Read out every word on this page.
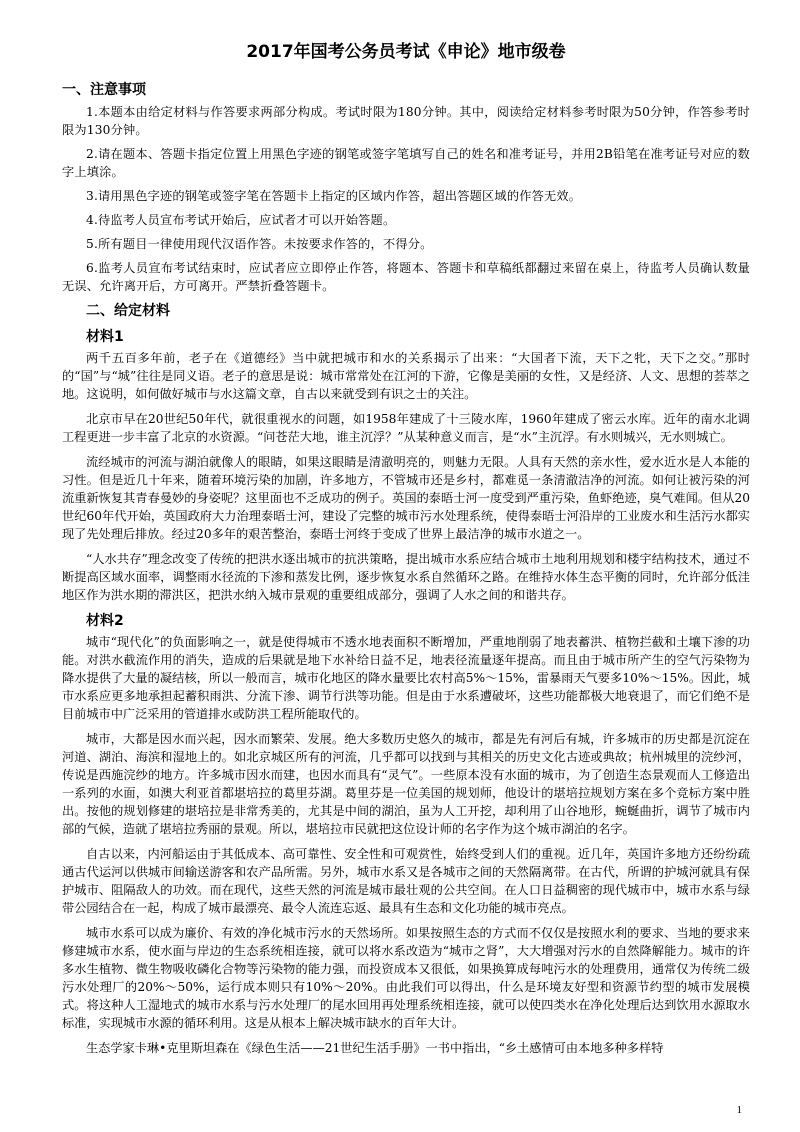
2017年国考公务员考试《申论》地市级卷
一、注意事项

1.本题本由给定材料与作答要求两部分构成。考试时限为180分钟。其中，阅读给定材料参考时限为50分钟，作答参考时限为130分钟。

2.请在题本、答题卡指定位置上用黑色字迹的钢笔或签字笔填写自己的姓名和准考证号，并用2B铅笔在准考证号对应的数字上填涂。

3.请用黑色字迹的钢笔或签字笔在答题卡上指定的区域内作答，超出答题区域的作答无效。

4.待监考人员宣布考试开始后，应试者才可以开始答题。

5.所有题目一律使用现代汉语作答。未按要求作答的，不得分。

6.监考人员宣布考试结束时，应试者应立即停止作答，将题本、答题卡和草稿纸都翻过来留在桌上，待监考人员确认数量无误、允许离开后，方可离开。严禁折叠答题卡。

二、给定材料
材料1

两千五百多年前，老子在《道德经》当中就把城市和水的关系揭示了出来：“大国者下流，天下之牝，天下之交。”那时的“国”与“城”往往是同义语。老子的意思是说：城市常常处在江河的下游，它像是美丽的女性，又是经济、人文、思想的荟萃之地。这说明，如何做好城市与水这篇文章，自古以来就受到有识之士的关注。

北京市早在20世纪50年代，就很重视水的问题，如1958年建成了十三陵水库，1960年建成了密云水库。近年的南水北调工程更进一步丰富了北京的水资源。“问苍茫大地，谁主沉浮？”从某种意义而言，是“水”主沉浮。有水则城兴，无水则城亡。

流经城市的河流与湖泊就像人的眼睛，如果这眼睛是清澈明亮的，则魅力无限。人具有天然的亲水性，爱水近水是人本能的习性。但是近几十年来，随着环境污染的加剧，许多地方，不管城市还是乡村，都难觅一条清澈洁净的河流。如何让被污染的河流重新恢复其青春曼妙的身姿呢？这里面也不乏成功的例子。英国的泰晤士河一度受到严重污染，鱼虾绝迹，臭气难闻。但从20世纪60年代开始，英国政府大力治理泰晤士河，建设了完整的城市污水处理系统，使得泰晤士河沿岸的工业废水和生活污水都实现了先处理后排放。经过20多年的艰苦整治，泰晤士河终于变成了世界上最洁净的城市水道之一。

“人水共存”理念改变了传统的把洪水逐出城市的抗洪策略，提出城市水系应结合城市土地利用规划和楼宇结构技术，通过不断提高区域水面率，调整雨水径流的下渗和蒸发比例，逐步恢复水系自然循环之路。在维持水体生态平衡的同时，允许部分低洼地区作为洪水期的滞洪区，把洪水纳入城市景观的重要组成部分，强调了人水之间的和谐共存。

材料2

城市“现代化”的负面影响之一，就是使得城市不透水地表面积不断增加，严重地削弱了地表蓄洪、植物拦截和土壤下渗的功能。对洪水截流作用的消失，造成的后果就是地下水补给日益不足，地表径流量逐年提高。而且由于城市所产生的空气污染物为降水提供了大量的凝结核，所以一般而言，城市化地区的降水量要比农村高5%～15%，雷暴雨天气要多10%～15%。因此，城市水系应更多地承担起蓄积雨洪、分流下渗、调节行洪等功能。但是由于水系遭破坏，这些功能都极大地衰退了，而它们绝不是目前城市中广泛采用的管道排水或防洪工程所能取代的。

城市，大都是因水而兴起，因水而繁荣、发展。绝大多数历史悠久的城市，都是先有河后有城，许多城市的历史都是沉淀在河道、湖泊、海滨和湿地上的。如北京城区所有的河流，几乎都可以找到与其相关的历史文化古迹或典故；杭州城里的浣纱河，传说是西施浣纱的地方。许多城市因水而建，也因水而具有“灵气”。一些原本没有水面的城市，为了创造生态景观而人工修造出一系列的水面，如澳大利亚首都堪培拉的葛里芬湖。葛里芬是一位美国的规划师，他设计的堪培拉规划方案在多个竞标方案中胜出。按他的规划修建的堪培拉是非常秀美的，尤其是中间的湖泊，虽为人工开挖，却利用了山谷地形，蜿蜒曲折，调节了城市内部的气候，造就了堪培拉秀丽的景观。所以，堪培拉市民就把这位设计师的名字作为这个城市湖泊的名字。

自古以来，内河船运由于其低成本、高可靠性、安全性和可观赏性，始终受到人们的重视。近几年，英国许多地方还纷纷疏通古代运河以供城市间输送游客和农产品所需。另外，城市水系又是各城市之间的天然隔离带。在古代，所谓的护城河就具有保护城市、阻隔敌人的功效。而在现代，这些天然的河流是城市最壮观的公共空间。在人口日益稠密的现代城市中，城市水系与绿带公园结合在一起，构成了城市最漂亮、最令人流连忘返、最具有生态和文化功能的城市亮点。

城市水系可以成为廉价、有效的净化城市污水的天然场所。如果按照生态的方式而不仅仅是按照水利的要求、当地的要求来修建城市水系，使水面与岸边的生态系统相连接，就可以将水系改造为“城市之肾”，大大增强对污水的自然降解能力。城市的许多水生植物、微生物吸收磷化合物等污染物的能力强，而投资成本又很低，如果换算成每吨污水的处理费用，通常仅为传统二级污水处理厂的20%～50%，运行成本则只有10%～20%。由此我们可以得出，什么是环境友好型和资源节约型的城市发展模式。将这种人工湿地式的城市水系与污水处理厂的尾水回用再处理系统相连接，就可以使四类水在净化处理后达到饮用水源取水标准，实现城市水源的循环利用。这是从根本上解决城市缺水的百年大计。

生态学家卡琳•克里斯坦森在《绿色生活——21世纪生活手册》一书中指出，“乡土感情可由本地多种多样特

1
